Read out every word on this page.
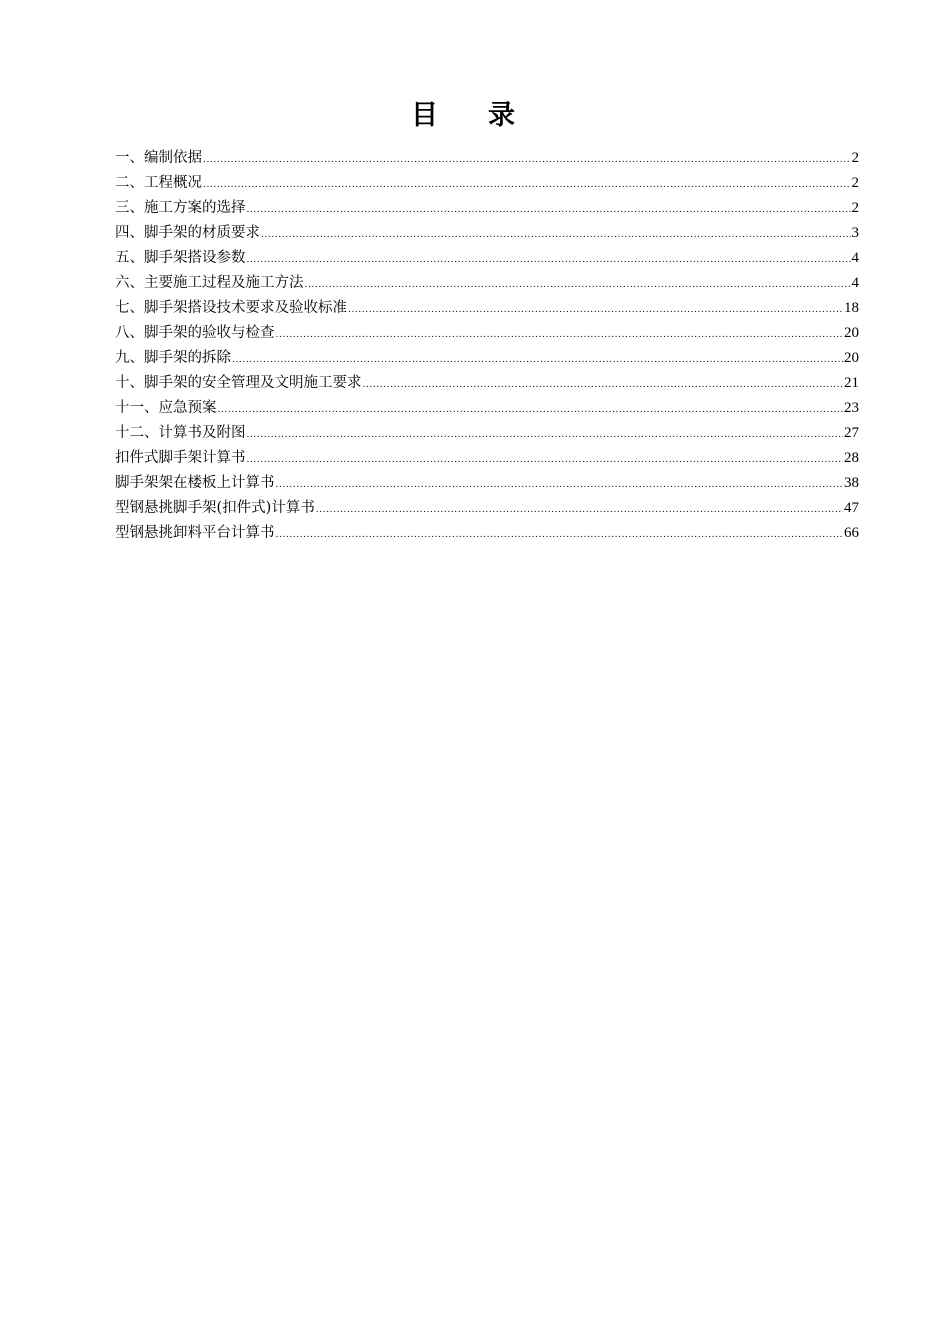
目录
一、编制依据 .....	2
二、工程概况 .....	2
三、施工方案的选择 .....	2
四、脚手架的材质要求 .....	3
五、脚手架搭设参数 .....	4
六、主要施工过程及施工方法 .....	4
七、脚手架搭设技术要求及验收标准 .....	18
八、脚手架的验收与检查 .....	20
九、脚手架的拆除 .....	20
十、脚手架的安全管理及文明施工要求 .....	21
十一、应急预案 .....	23
十二、计算书及附图 .....	27
扣件式脚手架计算书 .....	28
脚手架架在楼板上计算书 .....	38
型钢悬挑脚手架(扣件式)计算书 .....	47
型钢悬挑卸料平台计算书 .....	66
